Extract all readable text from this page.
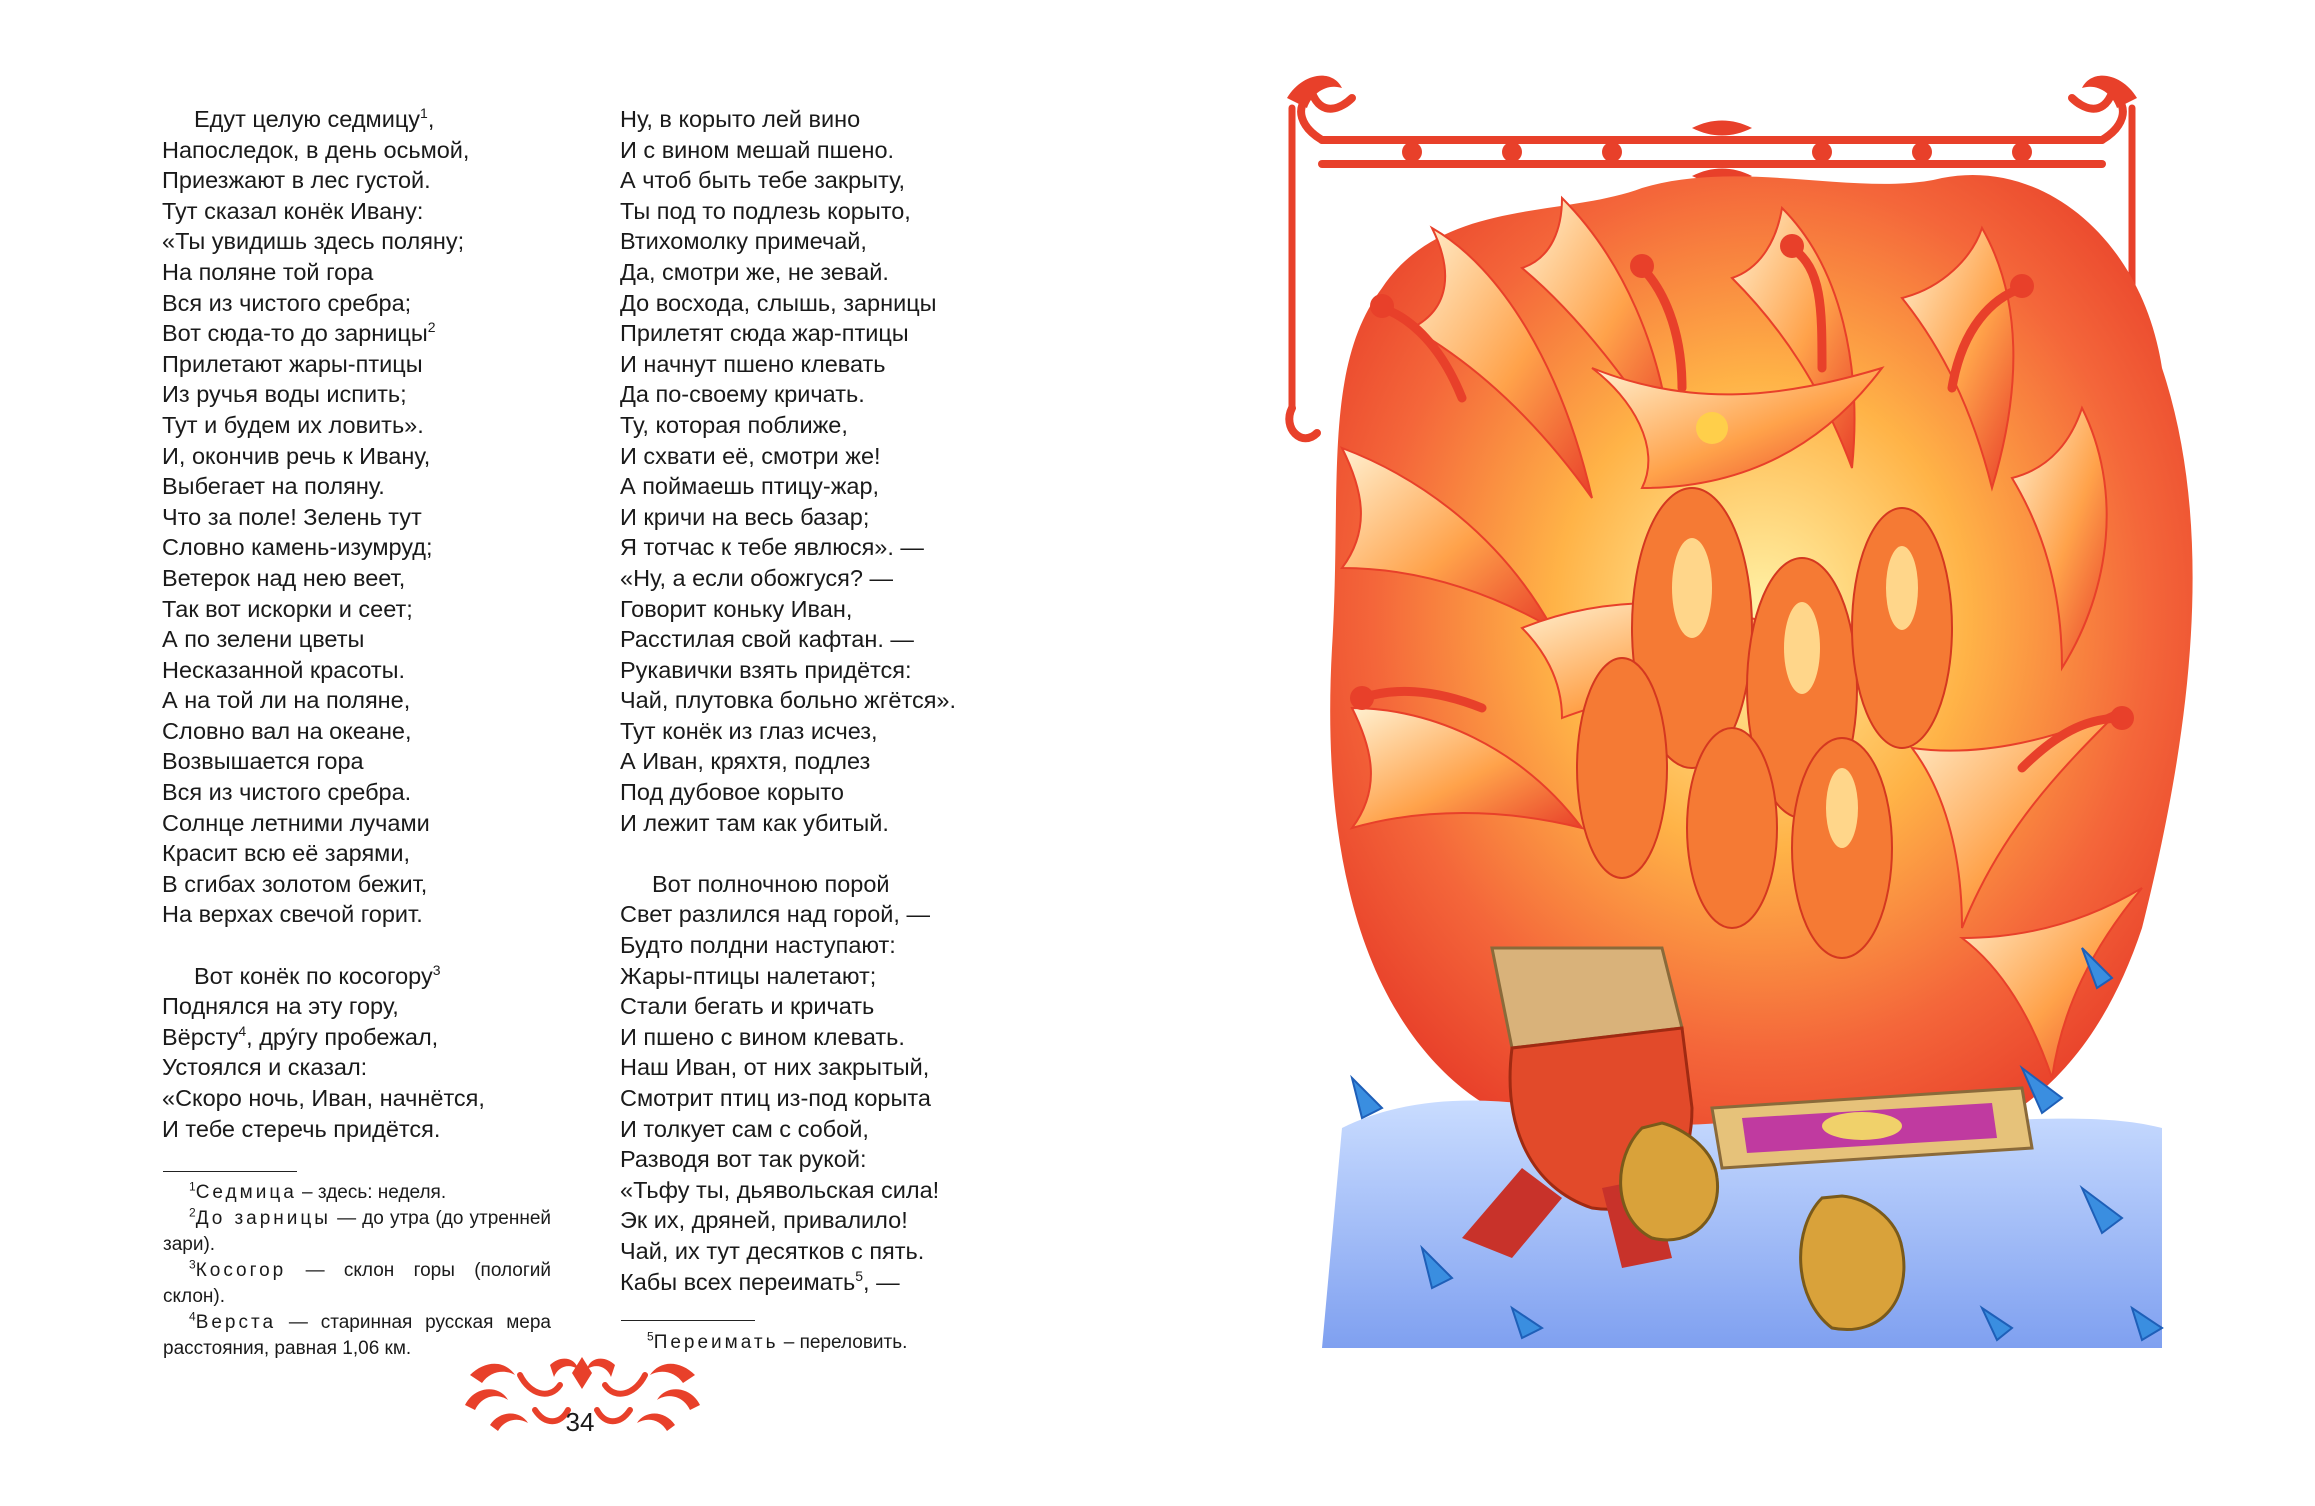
Едут целую седмицу$^1$,
Напоследок, в день осьмой,
Приезжают в лес густой.
Тут сказал конёк Ивану:
«Ты увидишь здесь поляну;
На поляне той гора
Вся из чистого сребра;
Вот сюда-то до зарницы$^2$
Прилетают жары-птицы
Из ручья воды испить;
Тут и будем их ловить».
И, окончив речь к Ивану,
Выбегает на поляну.
Что за поле! Зелень тут
Словно камень-изумруд;
Ветерок над нею веет,
Так вот искорки и сеет;
А по зелени цветы
Несказанной красоты.
А на той ли на поляне,
Словно вал на океане,
Возвышается гора
Вся из чистого сребра.
Солнце летними лучами
Красит всю её зарями,
В сгибах золотом бежит,
На верхах свечой горит.
Вот конёк по косогору$^3$
Поднялся на эту гору,
Вёрсту$^4$, дру́гу пробежал,
Устоялся и сказал:
«Скоро ночь, Иван, начнётся,
И тебе стеречь придётся.
Ну, в корыто лей вино
И с вином мешай пшено.
А чтоб быть тебе закрыту,
Ты под то подлезь корыто,
Втихомолку примечай,
Да, смотри же, не зевай.
До восхода, слышь, зарницы
Прилетят сюда жар-птицы
И начнут пшено клевать
Да по-своему кричать.
Ту, которая поближе,
И схвати её, смотри же!
А поймаешь птицу-жар,
И кричи на весь базар;
Я тотчас к тебе явлюся». —
«Ну, а если обожгуся? —
Говорит коньку Иван,
Расстилая свой кафтан. —
Рукавички взять придётся:
Чай, плутовка больно жгётся».
Тут конёк из глаз исчез,
А Иван, кряхтя, подлез
Под дубовое корыто
И лежит там как убитый.
Вот полночною порой
Свет разлился над горой, —
Будто полдни наступают:
Жары-птицы налетают;
Стали бегать и кричать
И пшено с вином клевать.
Наш Иван, от них закрытый,
Смотрит птиц из-под корыта
И толкует сам с собой,
Разводя вот так рукой:
«Тьфу ты, дьявольская сила!
Эк их, дряней, привалило!
Чай, их тут десятков с пять.
Кабы всех переимать$^5$, —

$^1$Седмица – здесь: неделя.

$^2$До зарницы — до утра (до утренней зари).

$^3$Косогор — склон горы (пологий склон).

$^4$Верста — старинная русская мера расстояния, равная 1,06 км.

$^5$Переимать – переловить.

34
